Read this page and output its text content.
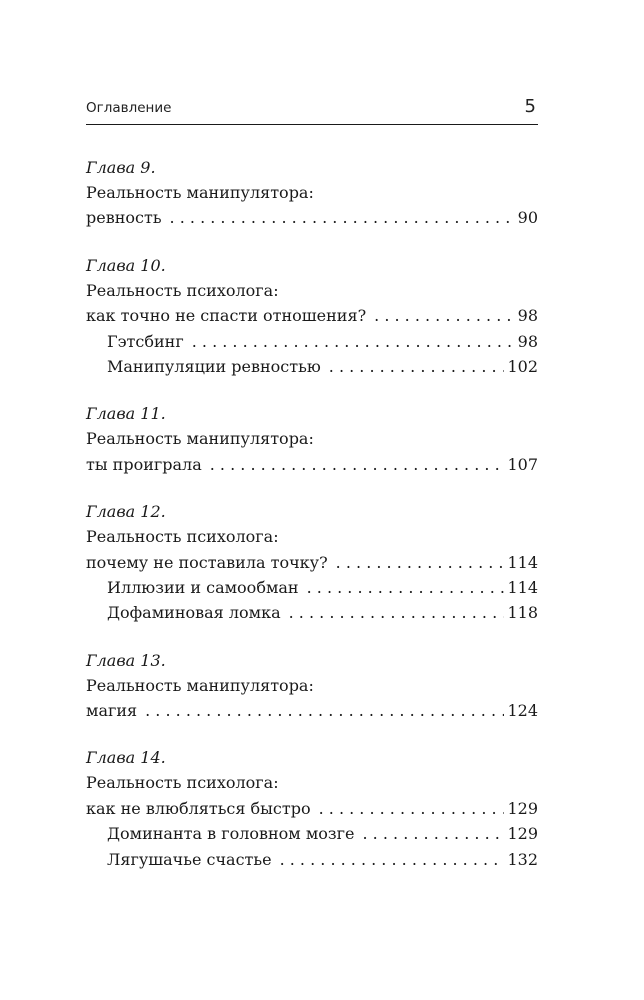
Оглавление	5
Глава 9.
Реальность манипулятора:
ревность . . .	90
Глава 10.
Реальность психолога:
как точно не спасти отношения? . . .	98
Гэтсбинг . . .	98
Манипуляции ревностью . . .	102
Глава 11.
Реальность манипулятора:
ты проиграла . . .	107
Глава 12.
Реальность психолога:
почему не поставила точку? . . .	114
Иллюзии и самообман . . .	114
Дофаминовая ломка . . .	118
Глава 13.
Реальность манипулятора:
магия . . .	124
Глава 14.
Реальность психолога:
как не влюбляться быстро . . .	129
Доминанта в головном мозге . . .	129
Лягушачье счастье . . .	132
